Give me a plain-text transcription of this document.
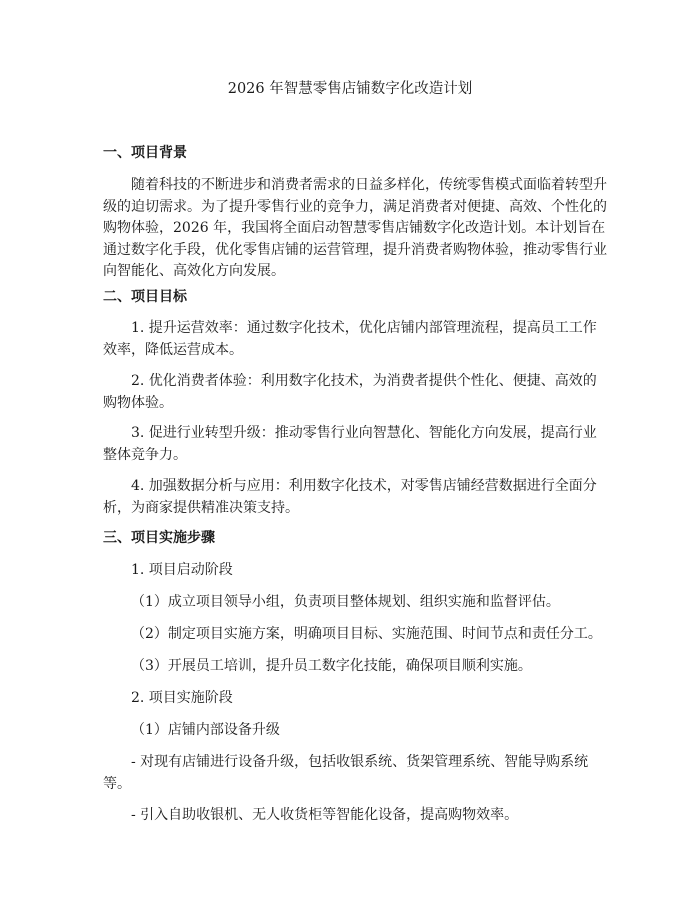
2026 年智慧零售店铺数字化改造计划
一、项目背景
随着科技的不断进步和消费者需求的日益多样化，传统零售模式面临着转型升
级的迫切需求。为了提升零售行业的竞争力，满足消费者对便捷、高效、个性化的
购物体验，2026 年，我国将全面启动智慧零售店铺数字化改造计划。本计划旨在
通过数字化手段，优化零售店铺的运营管理，提升消费者购物体验，推动零售行业
向智能化、高效化方向发展。
二、项目目标
1. 提升运营效率：通过数字化技术，优化店铺内部管理流程，提高员工工作
效率，降低运营成本。
2. 优化消费者体验：利用数字化技术，为消费者提供个性化、便捷、高效的
购物体验。
3. 促进行业转型升级：推动零售行业向智慧化、智能化方向发展，提高行业
整体竞争力。
4. 加强数据分析与应用：利用数字化技术，对零售店铺经营数据进行全面分
析，为商家提供精准决策支持。
三、项目实施步骤
1. 项目启动阶段
（1）成立项目领导小组，负责项目整体规划、组织实施和监督评估。
（2）制定项目实施方案，明确项目目标、实施范围、时间节点和责任分工。
（3）开展员工培训，提升员工数字化技能，确保项目顺利实施。
2. 项目实施阶段
（1）店铺内部设备升级
- 对现有店铺进行设备升级，包括收银系统、货架管理系统、智能导购系统
等。
- 引入自助收银机、无人收货柜等智能化设备，提高购物效率。
